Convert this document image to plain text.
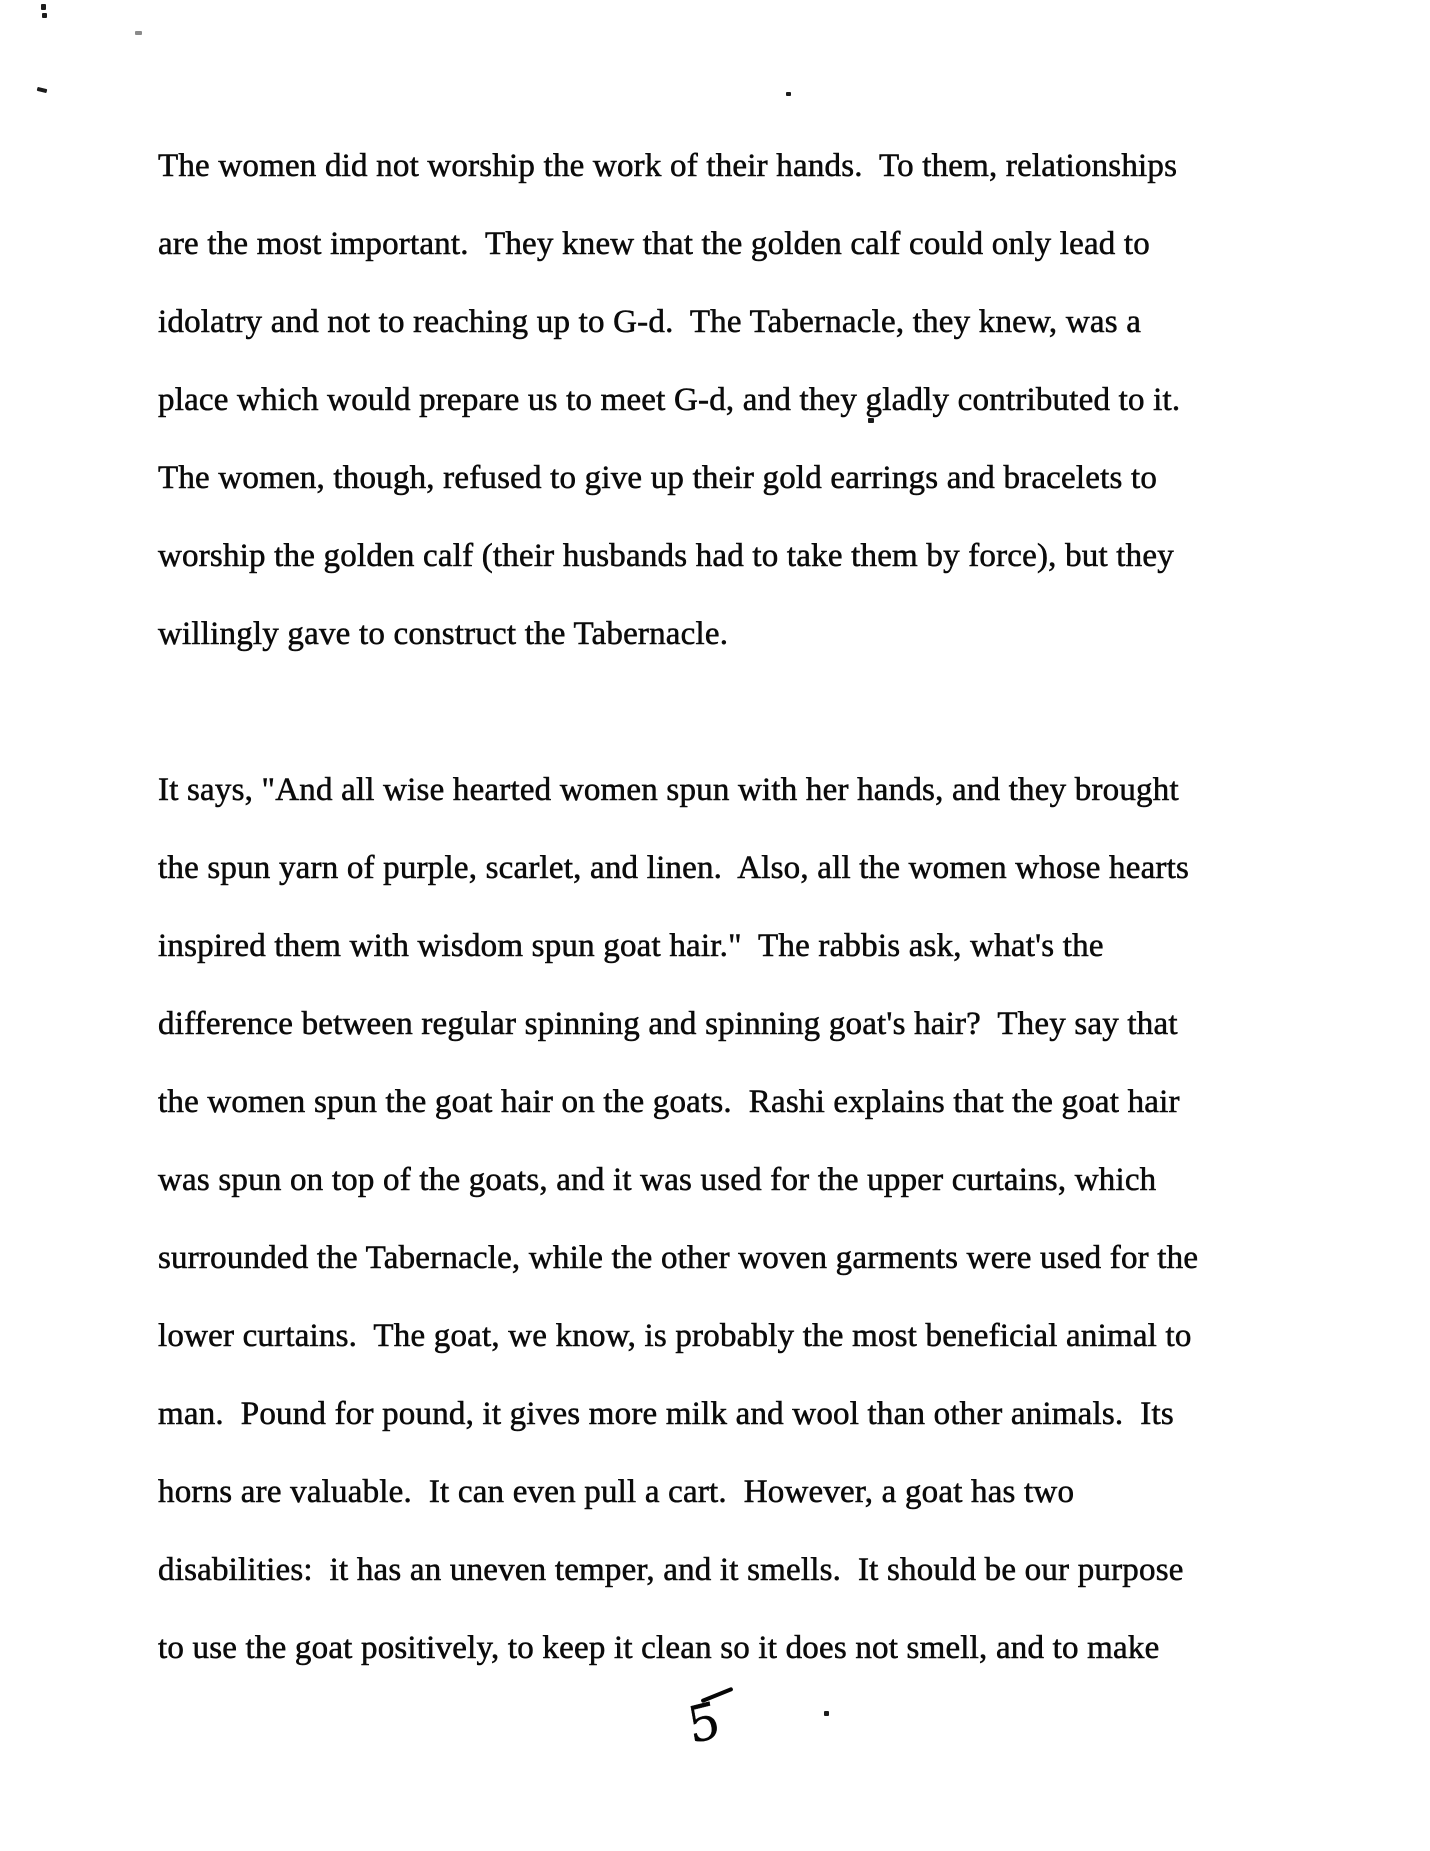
The women did not worship the work of their hands.  To them, relationships
are the most important.  They knew that the golden calf could only lead to
idolatry and not to reaching up to G-d.  The Tabernacle, they knew, was a
place which would prepare us to meet G-d, and they gladly contributed to it.
The women, though, refused to give up their gold earrings and bracelets to
worship the golden calf (their husbands had to take them by force), but they
willingly gave to construct the Tabernacle.
It says, "And all wise hearted women spun with her hands, and they brought
the spun yarn of purple, scarlet, and linen.  Also, all the women whose hearts
inspired them with wisdom spun goat hair."  The rabbis ask, what's the
difference between regular spinning and spinning goat's hair?  They say that
the women spun the goat hair on the goats.  Rashi explains that the goat hair
was spun on top of the goats, and it was used for the upper curtains, which
surrounded the Tabernacle, while the other woven garments were used for the
lower curtains.  The goat, we know, is probably the most beneficial animal to
man.  Pound for pound, it gives more milk and wool than other animals.  Its
horns are valuable.  It can even pull a cart.  However, a goat has two
disabilities:  it has an uneven temper, and it smells.  It should be our purpose
to use the goat positively, to keep it clean so it does not smell, and to make
5
